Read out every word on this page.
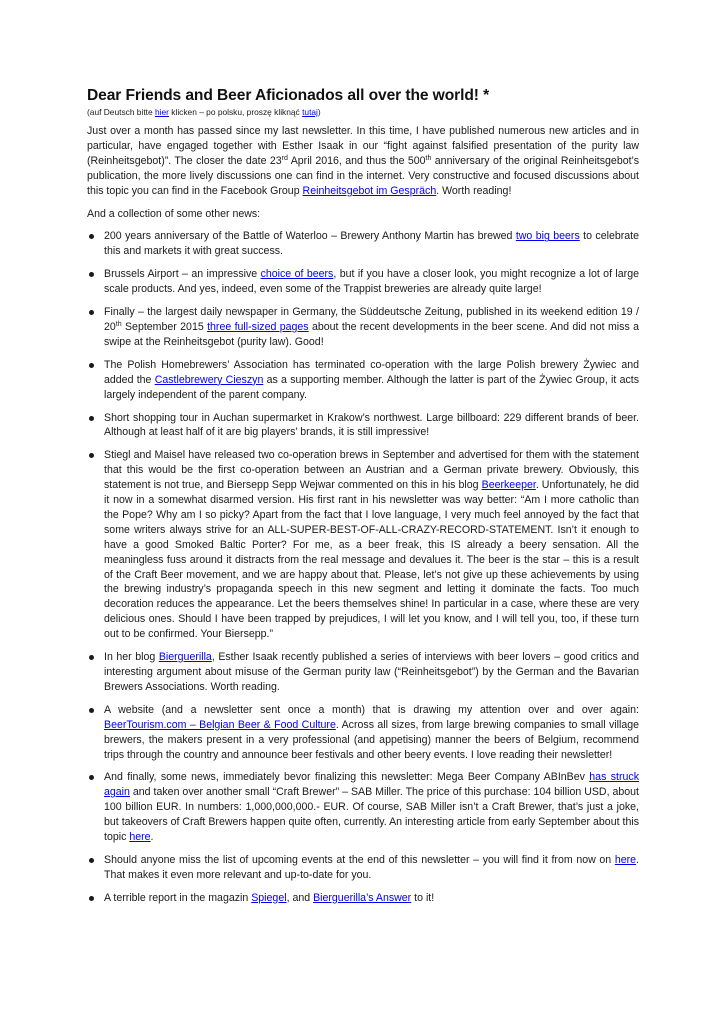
Dear Friends and Beer Aficionados all over the world! *
(auf Deutsch bitte hier klicken – po polsku, proszę kliknąć tutaj)

Just over a month has passed since my last newsletter. In this time, I have published numerous new articles and in particular, have engaged together with Esther Isaak in our “fight against falsified presentation of the purity law (Reinheitsgebot)”. The closer the date 23rd April 2016, and thus the 500th anniversary of the original Reinheitsgebot’s publication, the more lively discussions one can find in the internet. Very constructive and focused discussions about this topic you can find in the Facebook Group Reinheitsgebot im Gespräch. Worth reading!

And a collection of some other news:

200 years anniversary of the Battle of Waterloo – Brewery Anthony Martin has brewed two big beers to celebrate this and markets it with great success.
Brussels Airport – an impressive choice of beers, but if you have a closer look, you might recognize a lot of large scale products. And yes, indeed, even some of the Trappist breweries are already quite large!
Finally – the largest daily newspaper in Germany, the Süddeutsche Zeitung, published in its weekend edition 19 / 20th September 2015 three full-sized pages about the recent developments in the beer scene. And did not miss a swipe at the Reinheitsgebot (purity law). Good!
The Polish Homebrewers’ Association has terminated co-operation with the large Polish brewery Żywiec and added the Castlebrewery Cieszyn as a supporting member. Although the latter is part of the Żywiec Group, it acts largely independent of the parent company.
Short shopping tour in Auchan supermarket in Krakow’s northwest. Large billboard: 229 different brands of beer. Although at least half of it are big players’ brands, it is still impressive!
Stiegl and Maisel have released two co-operation brews in September and advertised for them with the statement that this would be the first co-operation between an Austrian and a German private brewery. Obviously, this statement is not true, and Biersepp Sepp Wejwar commented on this in his blog Beerkeeper. Unfortunately, he did it now in a somewhat disarmed version. His first rant in his newsletter was way better: “Am I more catholic than the Pope? Why am I so picky? Apart from the fact that I love language, I very much feel annoyed by the fact that some writers always strive for an ALL-SUPER-BEST-OF-ALL-CRAZY-RECORD-STATEMENT. Isn’t it enough to have a good Smoked Baltic Porter? For me, as a beer freak, this IS already a beery sensation. All the meaningless fuss around it distracts from the real message and devalues it. The beer is the star – this is a result of the Craft Beer movement, and we are happy about that. Please, let’s not give up these achievements by using the brewing industry’s propaganda speech in this new segment and letting it dominate the facts. Too much decoration reduces the appearance. Let the beers themselves shine! In particular in a case, where these are very delicious ones. Should I have been trapped by prejudices, I will let you know, and I will tell you, too, if these turn out to be confirmed. Your Biersepp.”
In her blog Bierguerilla, Esther Isaak recently published a series of interviews with beer lovers – good critics and interesting argument about misuse of the German purity law (“Reinheitsgebot”) by the German and the Bavarian Brewers Associations. Worth reading.
A website (and a newsletter sent once a month) that is drawing my attention over and over again: BeerTourism.com – Belgian Beer & Food Culture. Across all sizes, from large brewing companies to small village brewers, the makers present in a very professional (and appetising) manner the beers of Belgium, recommend trips through the country and announce beer festivals and other beery events. I love reading their newsletter!
And finally, some news, immediately bevor finalizing this newsletter: Mega Beer Company ABInBev has struck again and taken over another small “Craft Brewer” – SAB Miller. The price of this purchase: 104 billion USD, about 100 billion EUR. In numbers: 1,000,000,000.- EUR. Of course, SAB Miller isn’t a Craft Brewer, that’s just a joke, but takeovers of Craft Brewers happen quite often, currently. An interesting article from early September about this topic here.
Should anyone miss the list of upcoming events at the end of this newsletter – you will find it from now on here. That makes it even more relevant and up-to-date for you.
A terrible report in the magazin Spiegel, and Bierguerilla’s Answer to it!
